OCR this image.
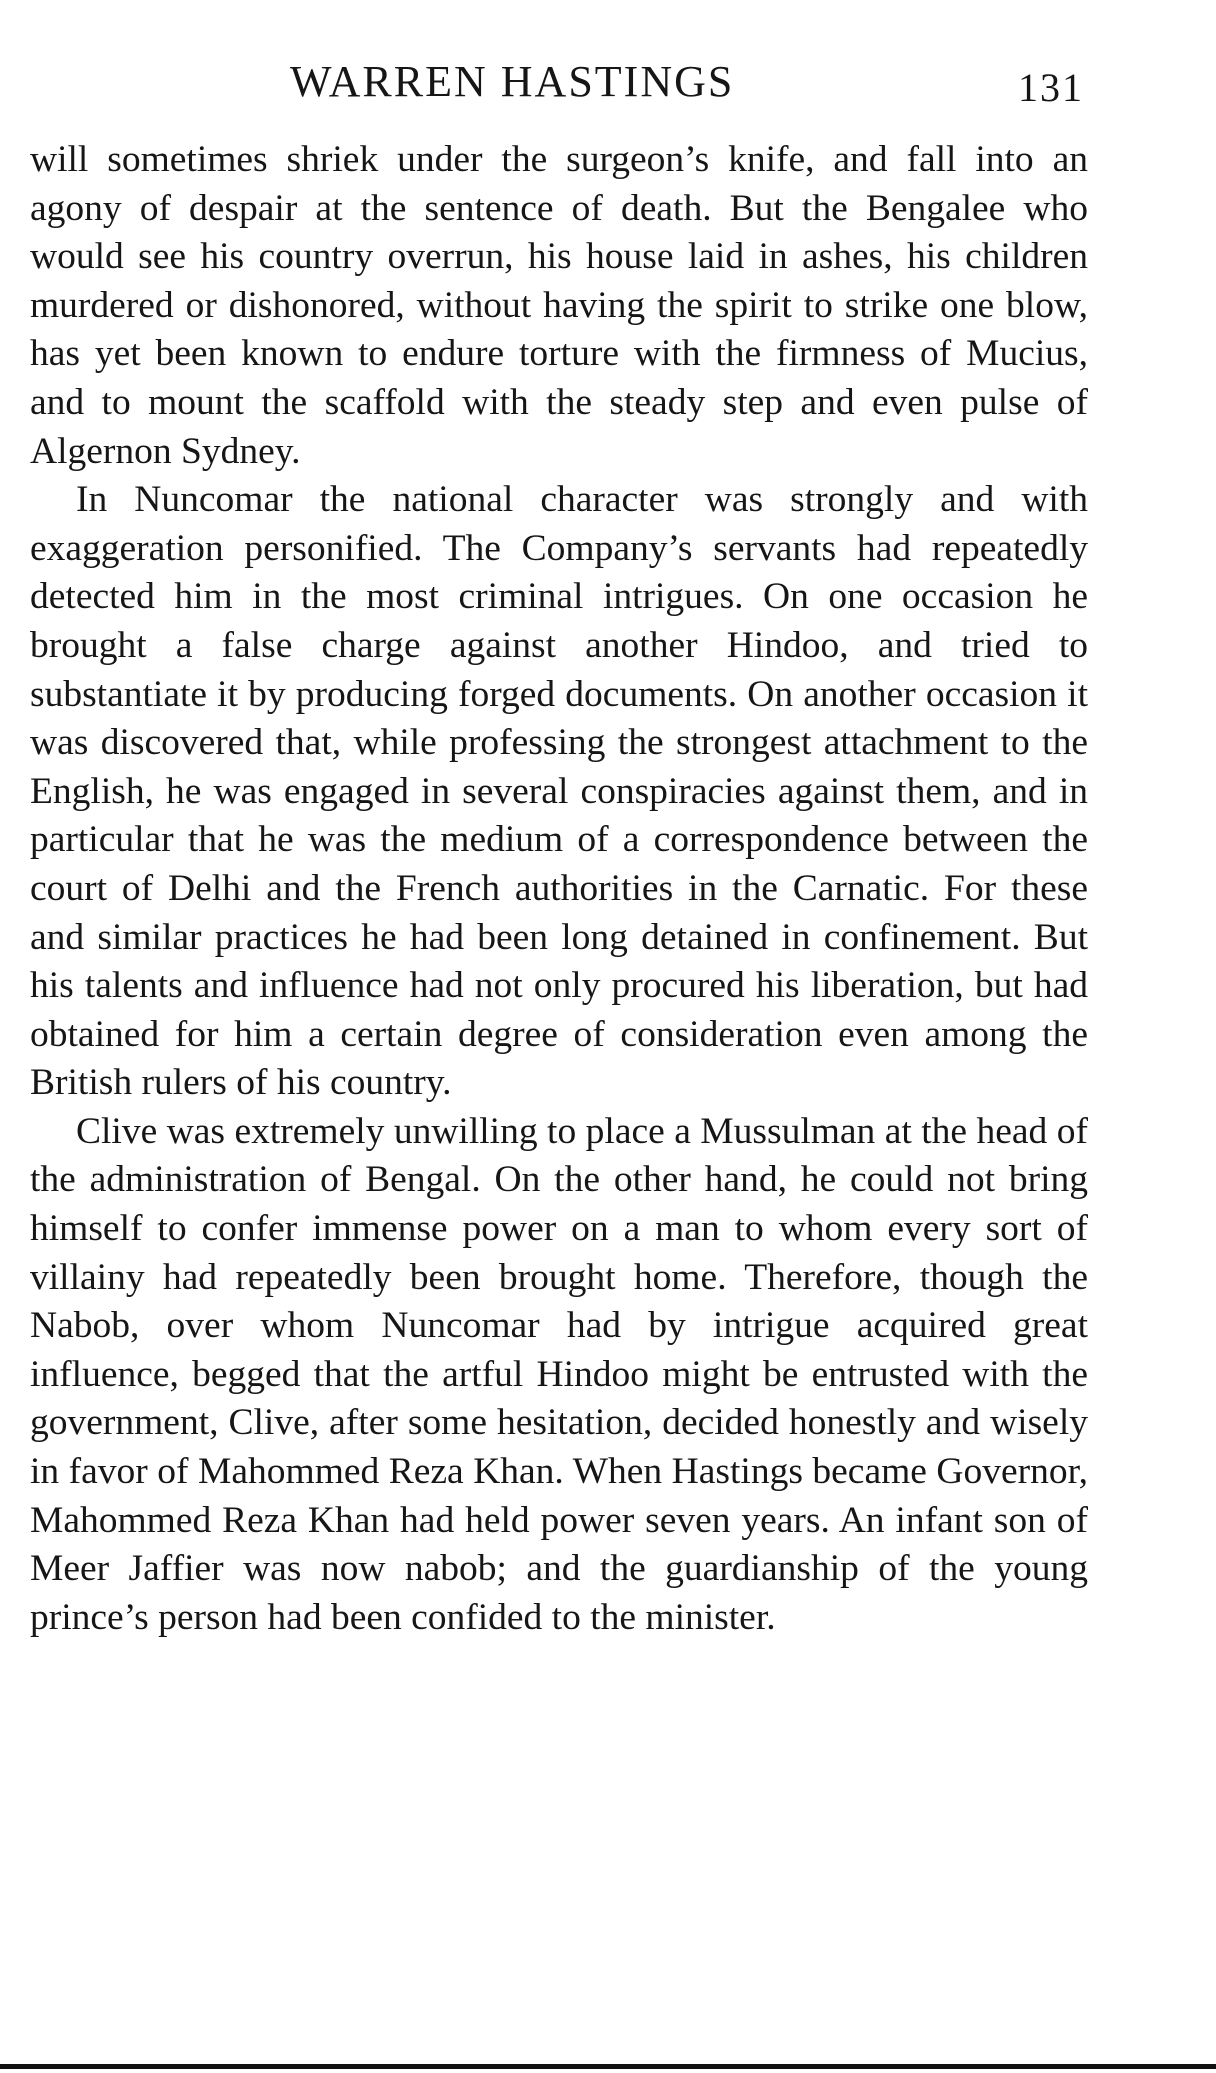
WARREN HASTINGS	131

will sometimes shriek under the surgeon’s knife, and fall into an agony of despair at the sentence of death. But the Bengalee who would see his country overrun, his house laid in ashes, his children murdered or dishonored, without having the spirit to strike one blow, has yet been known to endure torture with the firmness of Mucius, and to mount the scaffold with the steady step and even pulse of Algernon Sydney.

In Nuncomar the national character was strongly and with exaggeration personified. The Company’s servants had repeatedly detected him in the most criminal intrigues. On one occasion he brought a false charge against another Hindoo, and tried to substantiate it by producing forged documents. On another occasion it was discovered that, while professing the strongest attachment to the English, he was engaged in several conspiracies against them, and in particular that he was the medium of a correspondence between the court of Delhi and the French authorities in the Carnatic. For these and similar practices he had been long detained in confinement. But his talents and influence had not only procured his liberation, but had obtained for him a certain degree of consideration even among the British rulers of his country.

Clive was extremely unwilling to place a Mussulman at the head of the administration of Bengal. On the other hand, he could not bring himself to confer immense power on a man to whom every sort of villainy had repeatedly been brought home. Therefore, though the Nabob, over whom Nuncomar had by intrigue acquired great influence, begged that the artful Hindoo might be entrusted with the government, Clive, after some hesitation, decided honestly and wisely in favor of Mahommed Reza Khan. When Hastings became Governor, Mahommed Reza Khan had held power seven years. An infant son of Meer Jaffier was now nabob; and the guardianship of the young prince’s person had been confided to the minister.
